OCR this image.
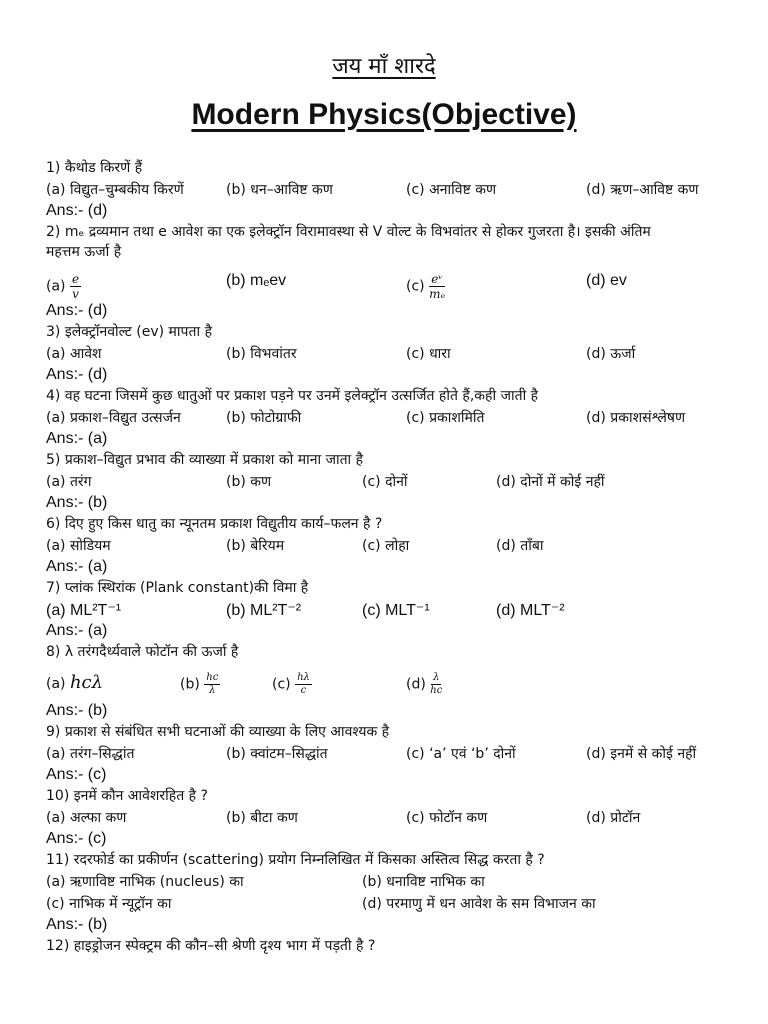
जय माँ शारदे
Modern Physics(Objective)

1) कैथोड किरणें हैं

(a) विद्युत–चुम्बकीय किरणें	(b) धन–आविष्ट कण	(c) अनाविष्ट कण	(d) ऋण–आविष्ट कण
Ans:- (d)

2) mₑ द्रव्यमान तथा e आवेश का एक इलेक्ट्रॉन विरामावस्था से V वोल्ट के विभवांतर से होकर गुजरता है। इसकी अंतिम

महत्तम ऊर्जा है

$(a) \frac{e}{v}$	(b) mₑev	$(c) \frac{\text{eᵛ}}{\text{mₑ}}$	(d) ev
Ans:- (d)

3) इलेक्ट्रॉनवोल्ट (ev) मापता है

(a) आवेश	(b) विभवांतर	(c) धारा	(d) ऊर्जा
Ans:- (d)

4) वह घटना जिसमें कुछ धातुओं पर प्रकाश पड़ने पर उनमें इलेक्ट्रॉन उत्सर्जित होते हैं,कही जाती है

(a) प्रकाश–विद्युत उत्सर्जन	(b) फोटोग्राफी	(c) प्रकाशमिति	(d) प्रकाशसंश्लेषण
Ans:- (a)

5) प्रकाश–विद्युत प्रभाव की व्याख्या में प्रकाश को माना जाता है

(a) तरंग	(b) कण	(c) दोनों	(d) दोनों में कोई नहीं
Ans:- (b)

6) दिए हुए किस धातु का न्यूनतम प्रकाश विद्युतीय कार्य–फलन है ?

(a) सोडियम	(b) बेरियम	(c) लोहा	(d) ताँबा
Ans:- (a)

7) प्लांक स्थिरांक (Plank constant)की विमा है

(a) ML²T⁻¹	(b) ML²T⁻²	(c) MLT⁻¹	(d) MLT⁻²
Ans:- (a)

8) λ तरंगदैर्ध्यवाले फोटॉन की ऊर्जा है

(a) hcλ	$(b) \frac{hc}{\lambda}$	$(c) \frac{h\lambda}{c}$	$(d) \frac{\lambda}{hc}$
Ans:- (b)

9) प्रकाश से संबंधित सभी घटनाओं की व्याख्या के लिए आवश्यक है

(a) तरंग–सिद्धांत	(b) क्वांटम–सिद्धांत	(c) ‘a’ एवं ‘b’ दोनों	(d) इनमें से कोई नहीं
Ans:- (c)

10) इनमें कौन आवेशरहित है ?

(a) अल्फा कण	(b) बीटा कण	(c) फोटॉन कण	(d) प्रोटॉन
Ans:- (c)

11) रदरफोर्ड का प्रकीर्णन (scattering) प्रयोग निम्नलिखित में किसका अस्तित्व सिद्ध करता है ?

(a) ऋणाविष्ट नाभिक (nucleus) का	(b) धनाविष्ट नाभिक का
(c) नाभिक में न्यूट्रॉन का	(d) परमाणु में धन आवेश के सम विभाजन का
Ans:- (b)

12) हाइड्रोजन स्पेक्ट्रम की कौन–सी श्रेणी दृश्य भाग में पड़ती है ?
